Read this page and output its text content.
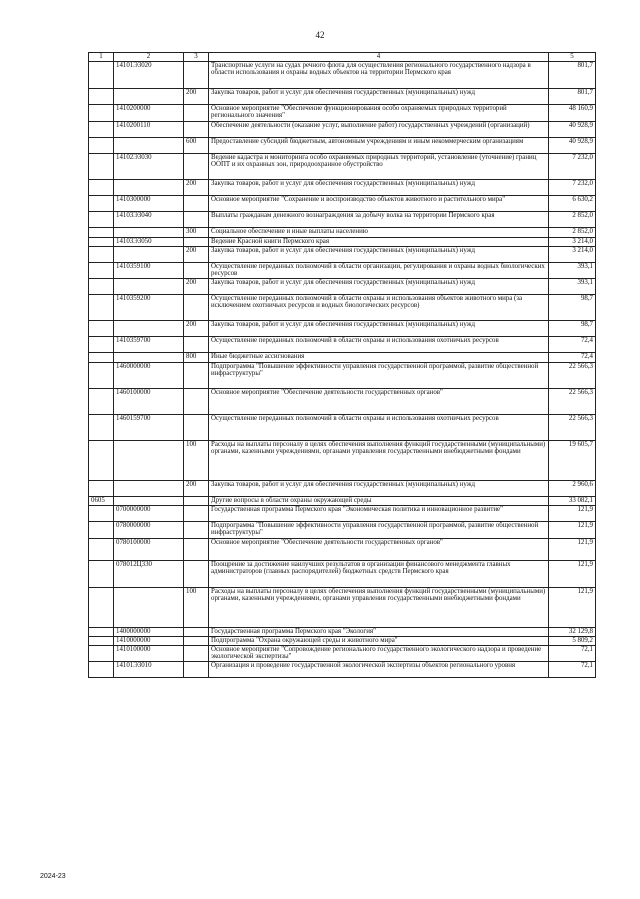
42
1	2	3	4	5
	14101Э3020		Транспортные услуги на судах речного флота для осуществления регионального государственного надзора в области использования и охраны водных объектов на территории Пермского края	801,7
		200	Закупка товаров, работ и услуг для обеспечения государственных (муниципальных) нужд	801,7
	1410200000		Основное мероприятие "Обеспечение функционирования особо охраняемых природных территорий регионального значения"	48 160,9
	1410200110		Обеспечение деятельности (оказание услуг, выполнение работ) государственных учреждений (организаций)	40 928,9
		600	Предоставление субсидий бюджетным, автономным учреждениям и иным некоммерческим организациям	40 928,9
	14102Э3030		Ведение кадастра и мониторинга особо охраняемых природных территорий, установление (уточнение) границ ООПТ и их охранных зон, природоохранное обустройство	7 232,0
		200	Закупка товаров, работ и услуг для обеспечения государственных (муниципальных) нужд	7 232,0
	1410300000		Основное мероприятие "Сохранение и воспроизводство объектов животного и растительного мира"	6 630,2
	14103Э3040		Выплаты гражданам денежного вознаграждения за добычу волка на территории Пермского края	2 852,0
		300	Социальное обеспечение и иные выплаты населению	2 852,0
	14103Э3050		Ведение Красной книги Пермского края	3 214,0
		200	Закупка товаров, работ и услуг для обеспечения государственных (муниципальных) нужд	3 214,0
	1410359100		Осуществление переданных полномочий в области организации, регулирования и охраны водных биологических ресурсов	393,1
		200	Закупка товаров, работ и услуг для обеспечения государственных (муниципальных) нужд	393,1
	1410359200		Осуществление переданных полномочий в области охраны и использования объектов животного мира (за исключением охотничьих ресурсов и водных биологических ресурсов)	98,7
		200	Закупка товаров, работ и услуг для обеспечения государственных (муниципальных) нужд	98,7
	1410359700		Осуществление переданных полномочий в области охраны и использования охотничьих ресурсов	72,4
		800	Иные бюджетные ассигнования	72,4
	1460000000		Подпрограмма "Повышение эффективности управления государственной программой, развитие общественной инфраструктуры"	22 566,3
	1460100000		Основное мероприятие "Обеспечение деятельности государственных органов"	22 566,3
	1460159700		Осуществление переданных полномочий в области охраны и использования охотничьих ресурсов	22 566,3
		100	Расходы на выплаты персоналу в целях обеспечения выполнения функций государственными (муниципальными) органами, казенными учреждениями, органами управления государственными внебюджетными фондами	19 605,7
		200	Закупка товаров, работ и услуг для обеспечения государственных (муниципальных) нужд	2 960,6
0605			Другие вопросы в области охраны окружающей среды	33 082,1
	0700000000		Государственная программа Пермского края "Экономическая политика и инновационное развитие"	121,9
	0780000000		Подпрограмма "Повышение эффективности управления государственной программой, развитие общественной инфраструктуры"	121,9
	0780100000		Основное мероприятие "Обеспечение деятельности государственных органов"	121,9
	078012Ц330		Поощрение за достижение наилучших результатов в организации финансового менеджмента главных администраторов (главных распорядителей) бюджетных средств Пермского края	121,9
		100	Расходы на выплаты персоналу в целях обеспечения выполнения функций государственными (муниципальными) органами, казенными учреждениями, органами управления государственными внебюджетными фондами	121,9
	1400000000		Государственная программа Пермского края "Экология"	32 129,8
	1410000000		Подпрограмма "Охрана окружающей среды и животного мира"	5 809,2
	1410100000		Основное мероприятие "Сопровождение регионального государственного экологического надзора и проведение экологической экспертизы"	72,1
	14101Э3010		Организация и проведение государственной экологической экспертизы объектов регионального уровня	72,1
2024-23
